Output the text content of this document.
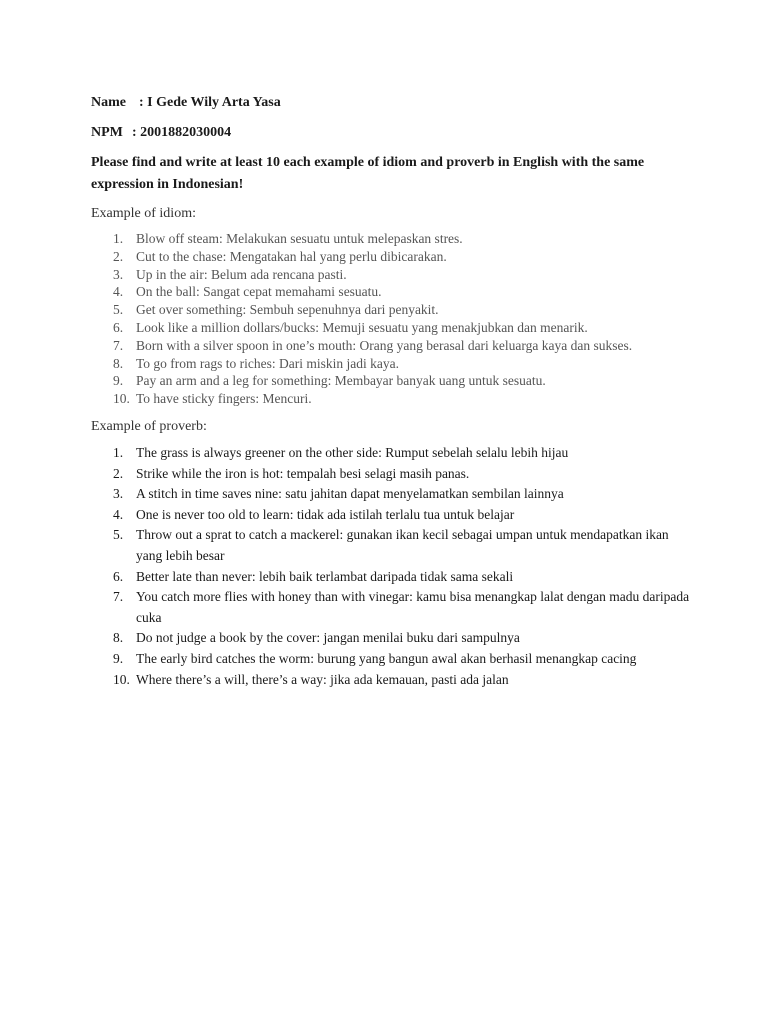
Name : I Gede Wily Arta Yasa
NPM : 2001882030004
Please find and write at least 10 each example of idiom and proverb in English with the same expression in Indonesian!
Example of idiom:
1. Blow off steam: Melakukan sesuatu untuk melepaskan stres.
2. Cut to the chase: Mengatakan hal yang perlu dibicarakan.
3. Up in the air: Belum ada rencana pasti.
4. On the ball: Sangat cepat memahami sesuatu.
5. Get over something: Sembuh sepenuhnya dari penyakit.
6. Look like a million dollars/bucks: Memuji sesuatu yang menakjubkan dan menarik.
7. Born with a silver spoon in one’s mouth: Orang yang berasal dari keluarga kaya dan sukses.
8. To go from rags to riches: Dari miskin jadi kaya.
9. Pay an arm and a leg for something: Membayar banyak uang untuk sesuatu.
10. To have sticky fingers: Mencuri.
Example of proverb:
1. The grass is always greener on the other side: Rumput sebelah selalu lebih hijau
2. Strike while the iron is hot: tempalah besi selagi masih panas.
3. A stitch in time saves nine: satu jahitan dapat menyelamatkan sembilan lainnya
4. One is never too old to learn: tidak ada istilah terlalu tua untuk belajar
5. Throw out a sprat to catch a mackerel: gunakan ikan kecil sebagai umpan untuk mendapatkan ikan yang lebih besar
6. Better late than never: lebih baik terlambat daripada tidak sama sekali
7. You catch more flies with honey than with vinegar: kamu bisa menangkap lalat dengan madu daripada cuka
8. Do not judge a book by the cover: jangan menilai buku dari sampulnya
9. The early bird catches the worm: burung yang bangun awal akan berhasil menangkap cacing
10. Where there’s a will, there’s a way: jika ada kemauan, pasti ada jalan
